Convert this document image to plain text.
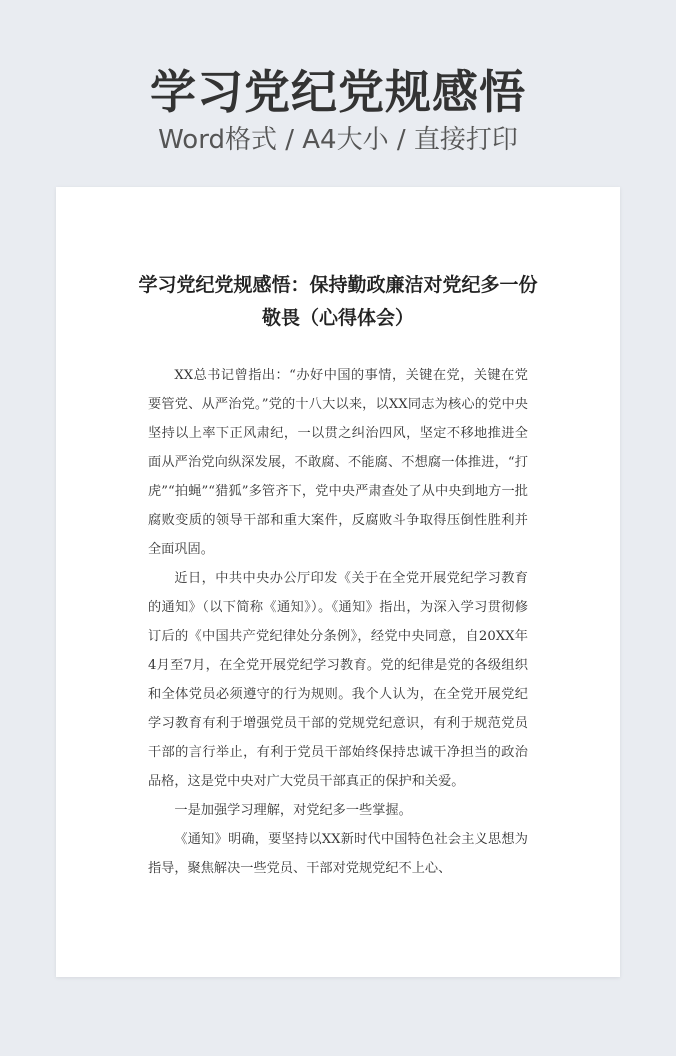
学习党纪党规感悟
Word格式 / A4大小 / 直接打印
学习党纪党规感悟：保持勤政廉洁对党纪多一份敬畏（心得体会）

XX总书记曾指出：“办好中国的事情，关键在党，关键在党要管党、从严治党。”党的十八大以来，以XX同志为核心的党中央坚持以上率下正风肃纪，一以贯之纠治四风，坚定不移地推进全面从严治党向纵深发展，不敢腐、不能腐、不想腐一体推进，“打虎”“拍蝇”“猎狐”多管齐下，党中央严肃查处了从中央到地方一批腐败变质的领导干部和重大案件，反腐败斗争取得压倒性胜利并全面巩固。

近日，中共中央办公厅印发《关于在全党开展党纪学习教育的通知》（以下简称《通知》）。《通知》指出，为深入学习贯彻修订后的《中国共产党纪律处分条例》，经党中央同意，自20XX年4月至7月，在全党开展党纪学习教育。党的纪律是党的各级组织和全体党员必须遵守的行为规则。我个人认为，在全党开展党纪学习教育有利于增强党员干部的党规党纪意识，有利于规范党员干部的言行举止，有利于党员干部始终保持忠诚干净担当的政治品格，这是党中央对广大党员干部真正的保护和关爱。

一是加强学习理解，对党纪多一些掌握。

《通知》明确，要坚持以XX新时代中国特色社会主义思想为指导，聚焦解决一些党员、干部对党规党纪不上心、
